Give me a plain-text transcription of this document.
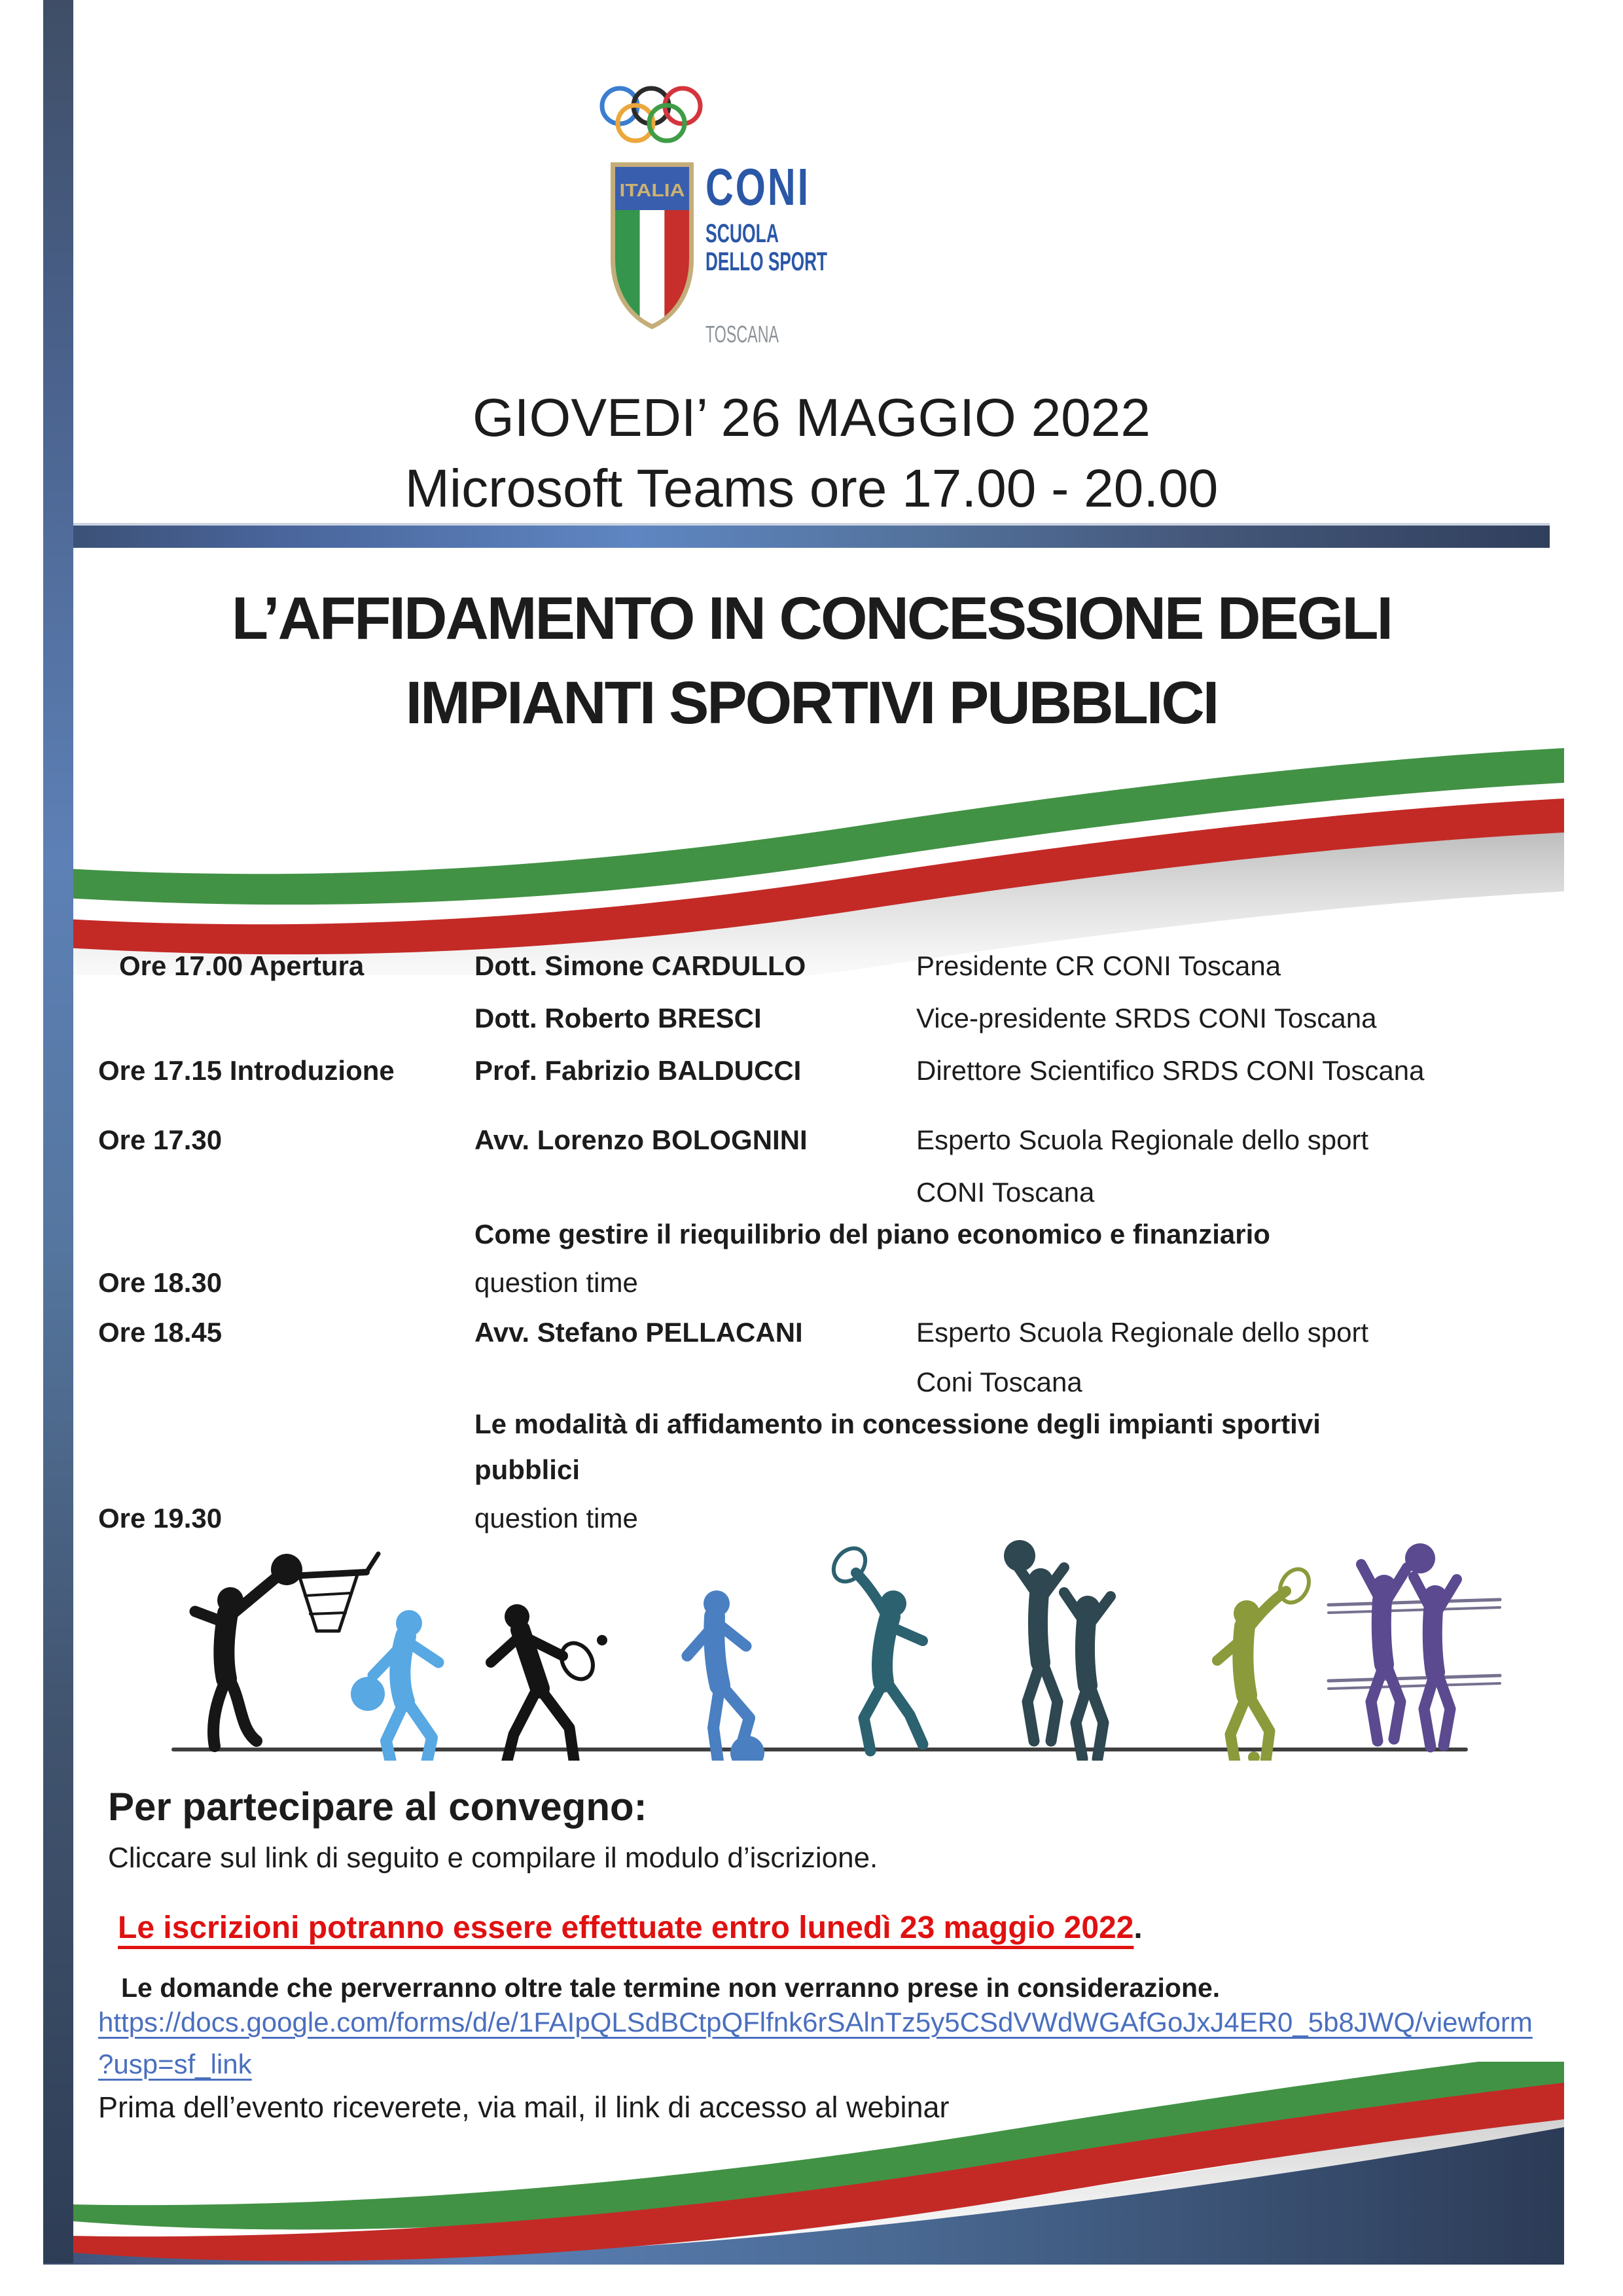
ITALIA CONI
SCUOLA
DELLO SPORT
TOSCANA
GIOVEDI’ 26 MAGGIO 2022
Microsoft Teams ore 17.00 - 20.00
L’AFFIDAMENTO IN CONCESSIONE DEGLI
IMPIANTI SPORTIVI PUBBLICI
Ore 17.00 Apertura	Dott. Simone CARDULLO	Presidente CR CONI Toscana
Dott. Roberto BRESCI	Vice-presidente SRDS CONI Toscana
Ore 17.15 Introduzione	Prof. Fabrizio BALDUCCI	Direttore Scientifico SRDS CONI Toscana
Ore 17.30	Avv. Lorenzo BOLOGNINI	Esperto Scuola Regionale dello sport
CONI Toscana
Come gestire il riequilibrio del piano economico e finanziario
Ore 18.30	question time
Ore 18.45	Avv. Stefano PELLACANI	Esperto Scuola Regionale dello sport
Coni Toscana
Le modalità di affidamento in concessione degli impianti sportivi
pubblici
Ore 19.30	question time
Per partecipare al convegno:
Cliccare sul link di seguito e compilare il modulo d’iscrizione.
Le iscrizioni potranno essere effettuate entro lunedì 23 maggio 2022.
Le domande che perverranno oltre tale termine non verranno prese in considerazione.
https://docs.google.com/forms/d/e/1FAIpQLSdBCtpQFlfnk6rSAlnTz5y5CSdVWdWGAfGoJxJ4ER0_5b8JWQ/viewform
?usp=sf_link
Prima dell’evento riceverete, via mail, il link di accesso al webinar
